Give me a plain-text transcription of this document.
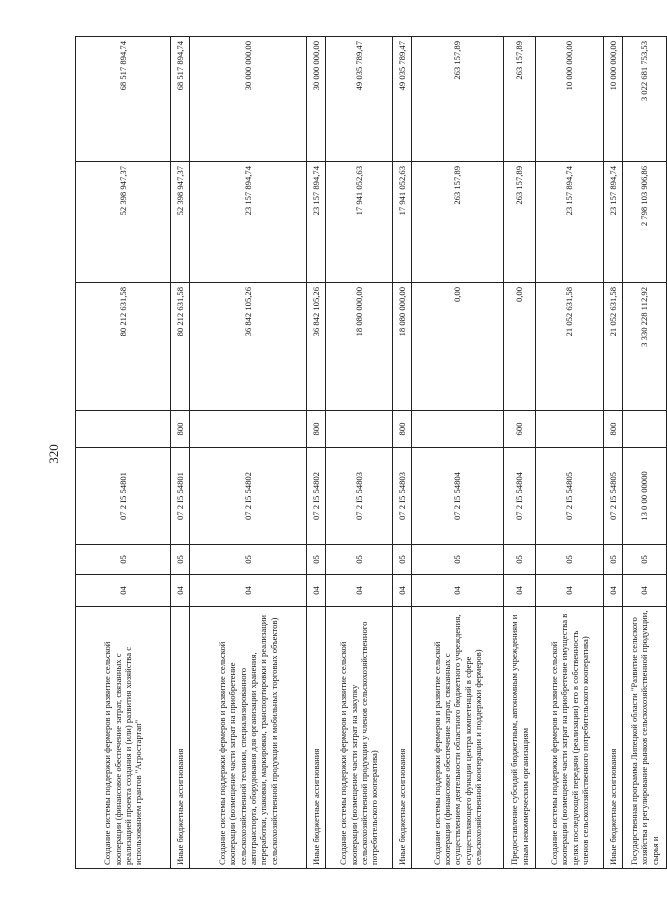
320
Создание системы поддержки фермеров и развитие сельской кооперации (финансовое обеспечение затрат, связанных с реализацией проекта создания и (или) развития хозяйства с использованием грантов "Агростартап"	04	05	07 2 I5 54801		80 212 631,58	52 398 947,37	68 517 894,74
Иные бюджетные ассигнования	04	05	07 2 I5 54801	800	80 212 631,58	52 398 947,37	68 517 894,74
Создание системы поддержки фермеров и развитие сельской кооперации (возмещение части затрат на приобретение сельскохозяйственной техники, специализированного автотранспорта, оборудования для организации хранения, переработки, упаковки, маркировки, транспортировки и реализации сельскохозяйственной продукции и мобильных торговых объектов)	04	05	07 2 I5 54802		36 842 105,26	23 157 894,74	30 000 000,00
Иные бюджетные ассигнования	04	05	07 2 I5 54802	800	36 842 105,26	23 157 894,74	30 000 000,00
Создание системы поддержки фермеров и развитие сельской кооперации (возмещение части затрат на закупку сельскохозяйственной продукции у членов сельскохозяйственного потребительского кооператива)	04	05	07 2 I5 54803		18 080 000,00	17 941 052,63	49 035 789,47
Иные бюджетные ассигнования	04	05	07 2 I5 54803	800	18 080 000,00	17 941 052,63	49 035 789,47
Создание системы поддержки фермеров и развитие сельской кооперации (финансовое обеспечение затрат, связанных с осуществлением деятельности областного бюджетного учреждения, осуществляющего функции центра компетенций в сфере сельскохозяйственной кооперации и поддержки фермеров)	04	05	07 2 I5 54804		0,00	263 157,89	263 157,89
Предоставление субсидий бюджетным, автономным учреждениям и иным некоммерческим организациям	04	05	07 2 I5 54804	600	0,00	263 157,89	263 157,89
Создание системы поддержки фермеров и развитие сельской кооперации (возмещение части затрат на приобретение имущества в целях последующей передачи (реализации) его в собственность членов сельскохозяйственного потребительского кооператива)	04	05	07 2 I5 54805		21 052 631,58	23 157 894,74	10 000 000,00
Иные бюджетные ассигнования	04	05	07 2 I5 54805	800	21 052 631,58	23 157 894,74	10 000 000,00
Государственная программа Липецкой области "Развитие сельского хозяйства и регулирование рынков сельскохозяйственной продукции, сырья и	04	05	13 0 00 00000		3 330 228 112,92	2 798 103 906,86	3 022 681 753,53
